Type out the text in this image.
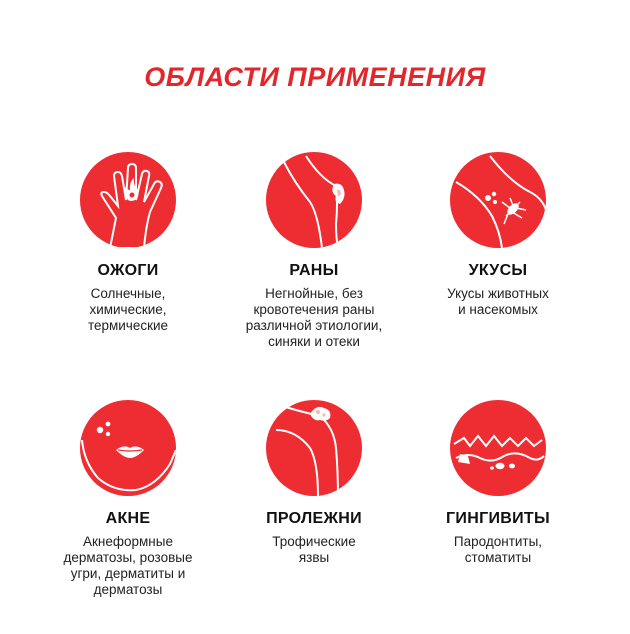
ОБЛАСТИ ПРИМЕНЕНИЯ
ОЖОГИ
Солнечные,
химические,
термические
РАНЫ
Негнойные, без
кровотечения раны
различной этиологии,
синяки и отеки
УКУСЫ
Укусы животных
и насекомых
АКНЕ
Акнеформные
дерматозы, розовые
угри, дерматиты и
дерматозы
ПРОЛЕЖНИ
Трофические
язвы
ГИНГИВИТЫ
Пародонтиты,
стоматиты
